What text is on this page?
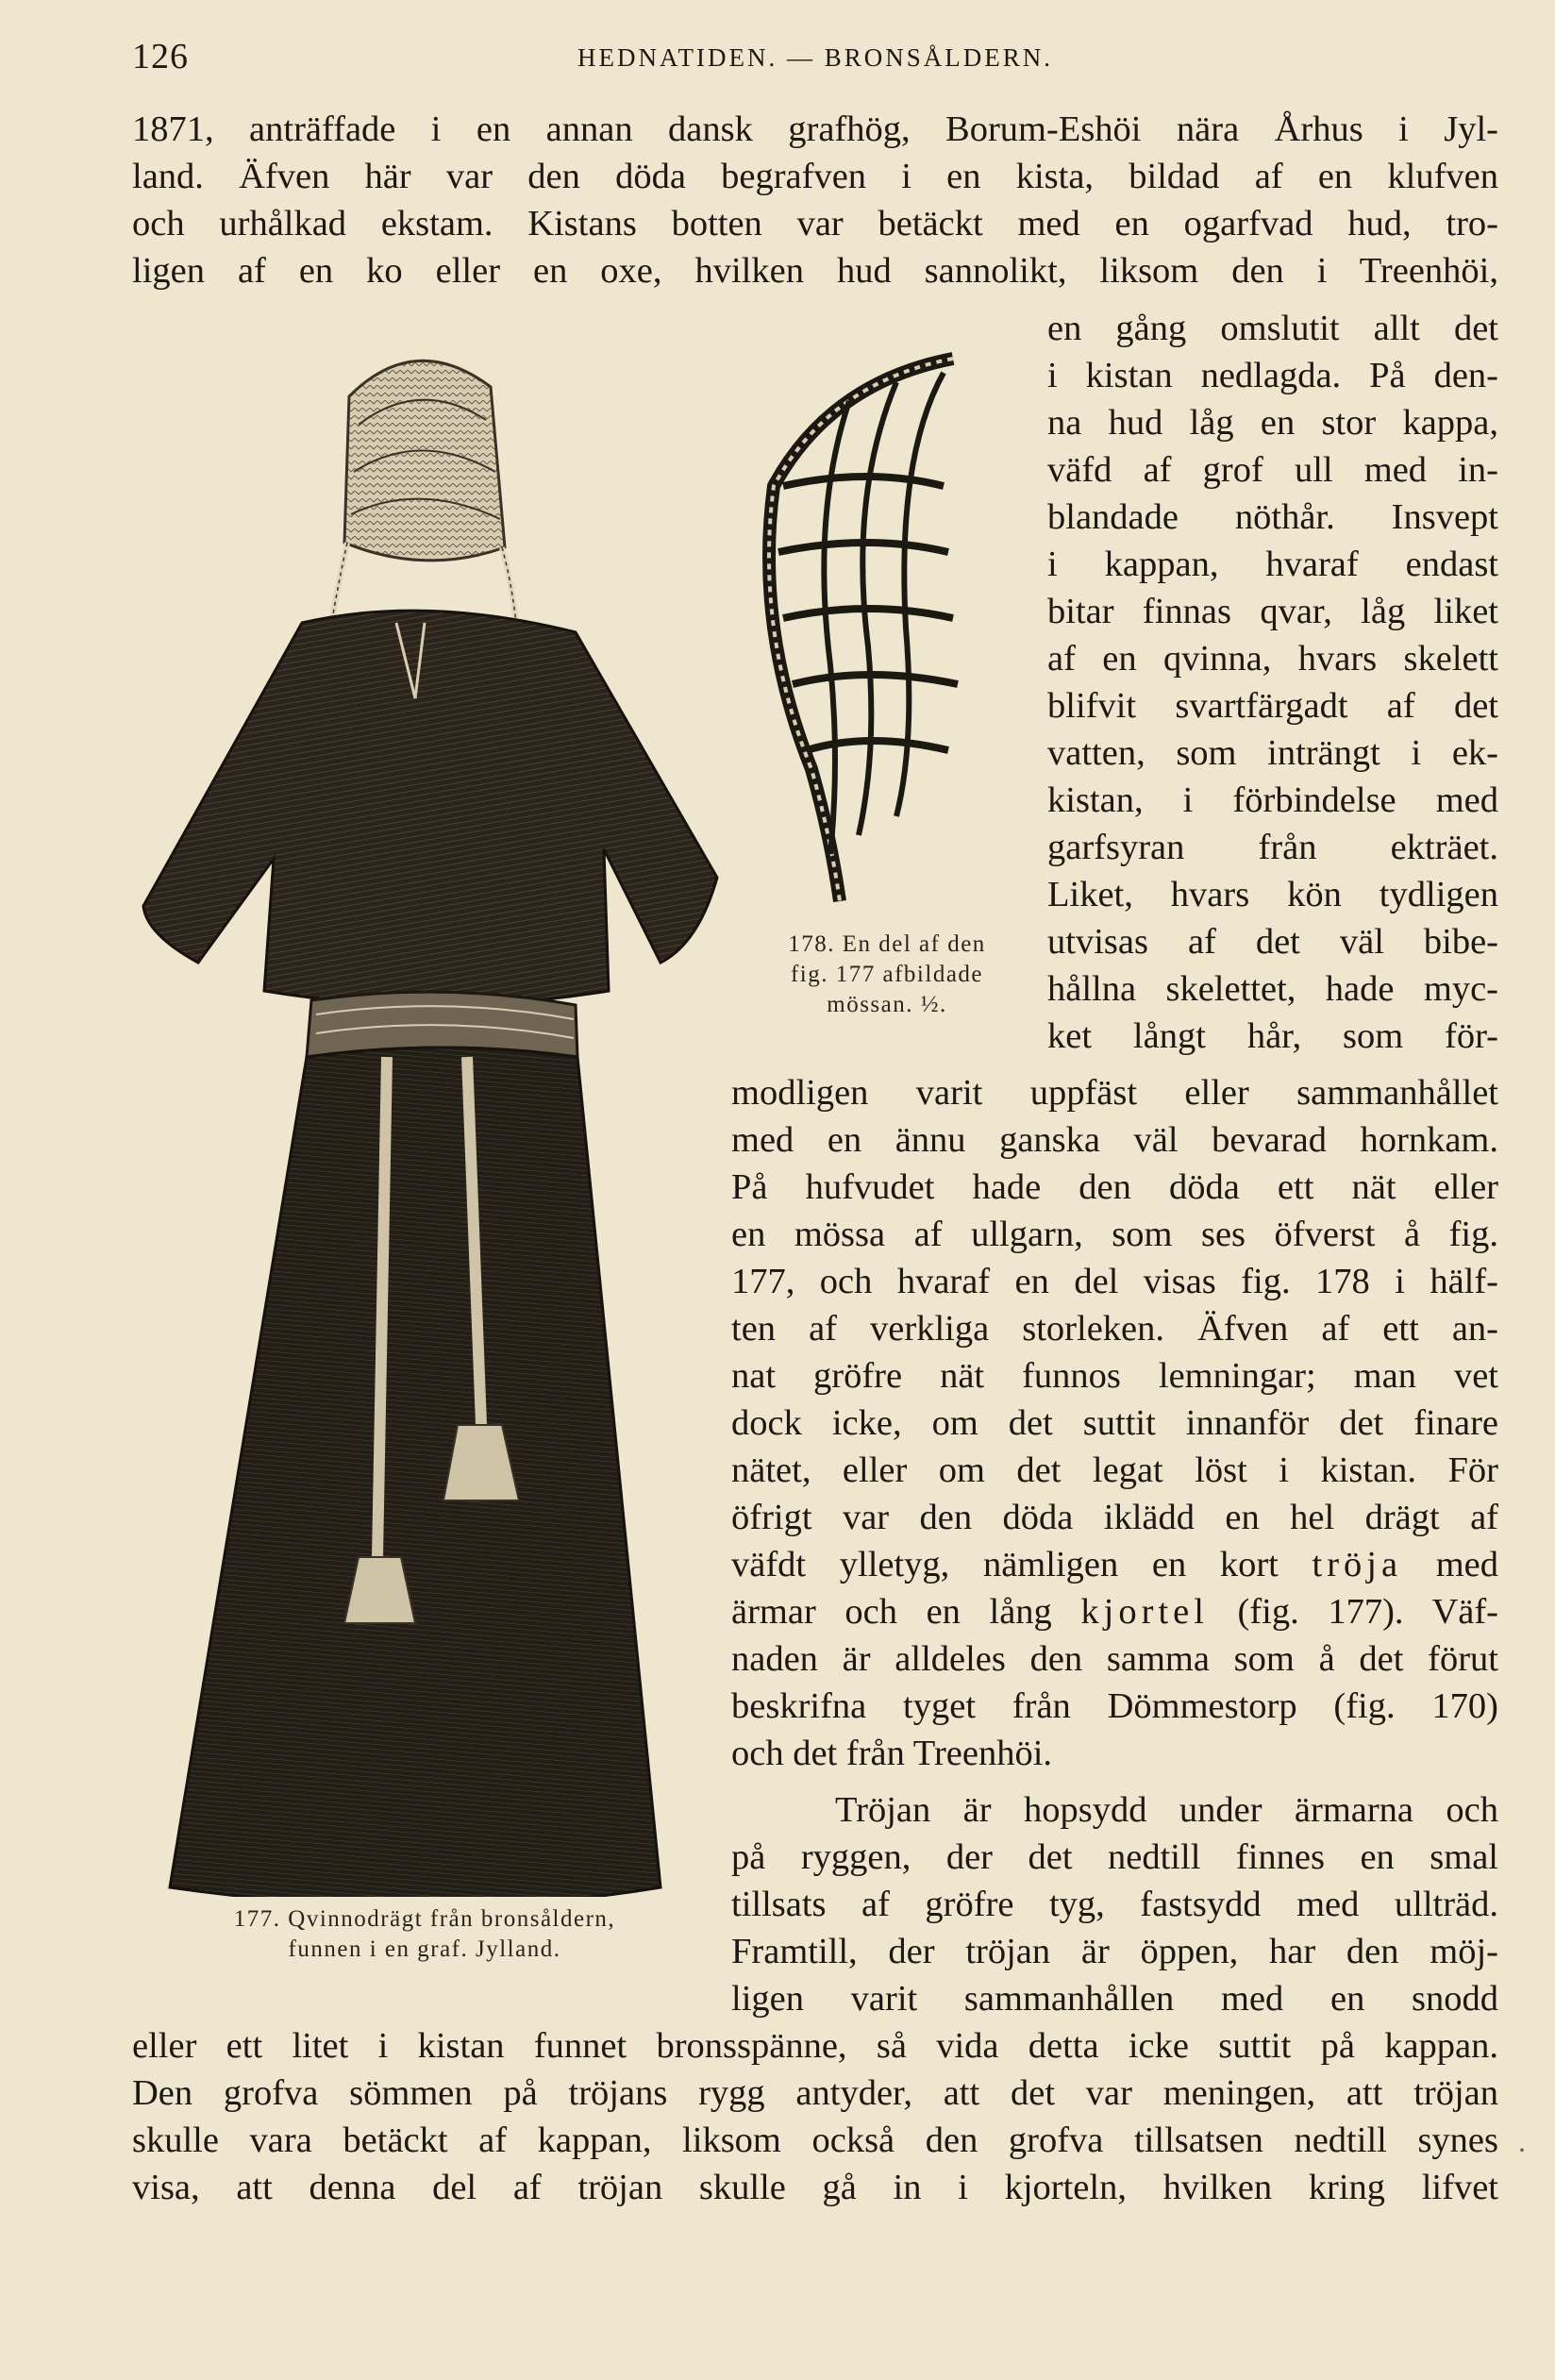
126	HEDNATIDEN. — BRONSÅLDERN.
1871, anträffade i en annan dansk grafhög, Borum-Eshöi nära Århus i Jyl-
land. Äfven här var den döda begrafven i en kista, bildad af en klufven
och urhålkad ekstam. Kistans botten var betäckt med en ogarfvad hud, tro-
ligen af en ko eller en oxe, hvilken hud sannolikt, liksom den i Treenhöi,
en gång omslutit allt det
i kistan nedlagda. På den-
na hud låg en stor kappa,
väfd af grof ull med in-
blandade nöthår. Insvept
i kappan, hvaraf endast
bitar finnas qvar, låg liket
af en qvinna, hvars skelett
blifvit svartfärgadt af det
vatten, som inträngt i ek-
kistan, i förbindelse med
garfsyran från ekträet.
Liket, hvars kön tydligen
utvisas af det väl bibe-
hållna skelettet, hade myc-
ket långt hår, som för-
modligen varit uppfäst eller sammanhållet
med en ännu ganska väl bevarad hornkam.
På hufvudet hade den döda ett nät eller
en mössa af ullgarn, som ses öfverst å fig.
177, och hvaraf en del visas fig. 178 i hälf-
ten af verkliga storleken. Äfven af ett an-
nat gröfre nät funnos lemningar; man vet
dock icke, om det suttit innanför det finare
nätet, eller om det legat löst i kistan. För
öfrigt var den döda iklädd en hel drägt af
väfdt ylletyg, nämligen en kort tröja med
ärmar och en lång kjortel (fig. 177). Väf-
naden är alldeles den samma som å det förut
beskrifna tyget från Dömmestorp (fig. 170)
och det från Treenhöi.
Tröjan är hopsydd under ärmarna och
på ryggen, der det nedtill finnes en smal
tillsats af gröfre tyg, fastsydd med ullträd.
Framtill, der tröjan är öppen, har den möj-
ligen varit sammanhållen med en snodd
eller ett litet i kistan funnet bronsspänne, så vida detta icke suttit på kappan.
Den grofva sömmen på tröjans rygg antyder, att det var meningen, att tröjan
skulle vara betäckt af kappan, liksom också den grofva tillsatsen nedtill synes
visa, att denna del af tröjan skulle gå in i kjorteln, hvilken kring lifvet
·
177. Qvinnodrägt från bronsåldern,
funnen i en graf. Jylland.
178. En del af den
fig. 177 afbildade
mössan. ½.
